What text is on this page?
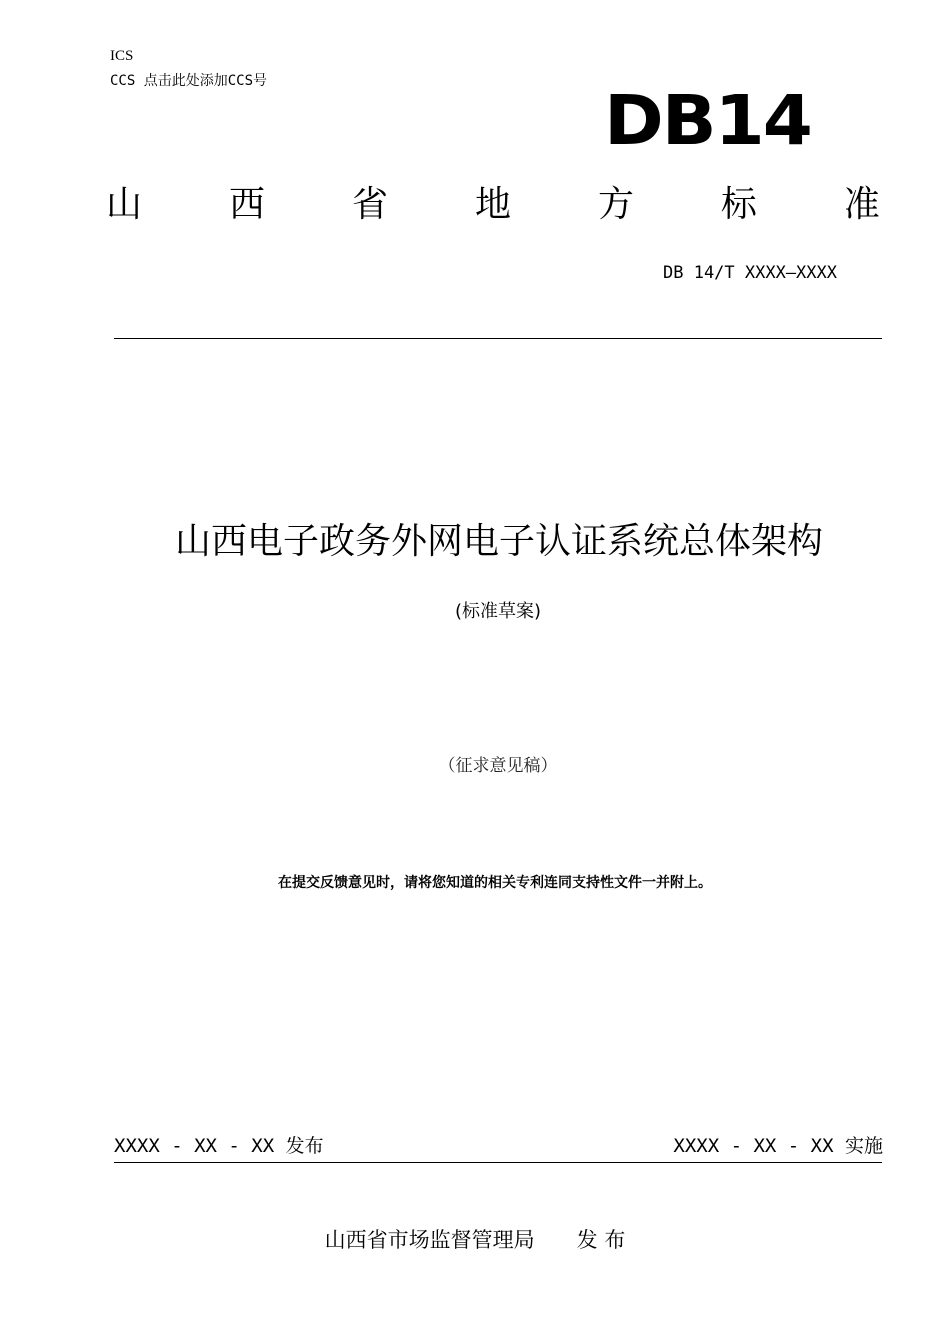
ICS
CCS 点击此处添加CCS号	DB14
山 西 省 地 方 标 准
DB 14/T XXXX—XXXX
山西电子政务外网电子认证系统总体架构
(标准草案)
（征求意见稿）
在提交反馈意见时，请将您知道的相关专利连同支持性文件一并附上。
XXXX - XX - XX 发布	XXXX - XX - XX 实施
山西省市场监督管理局 发 布
